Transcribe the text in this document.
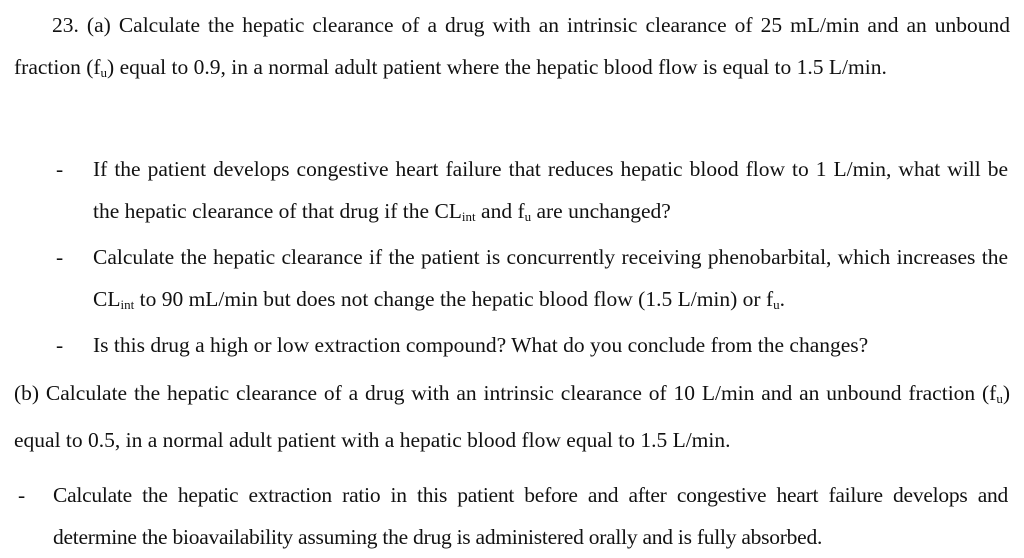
23. (a) Calculate the hepatic clearance of a drug with an intrinsic clearance of 25 mL/min and an unbound fraction $(f_u)$ equal to 0.9, in a normal adult patient where the hepatic blood flow is equal to 1.5 L/min.

- If the patient develops congestive heart failure that reduces hepatic blood flow to 1 L/min, what will be the hepatic clearance of that drug if the $CL_{int}$ and $f_u$ are unchanged?
- Calculate the hepatic clearance if the patient is concurrently receiving phenobarbital, which increases the $CL_{int}$ to 90 mL/min but does not change the hepatic blood flow (1.5 L/min) or $f_u$.
- Is this drug a high or low extraction compound? What do you conclude from the changes?

(b) Calculate the hepatic clearance of a drug with an intrinsic clearance of 10 L/min and an unbound fraction $(f_u)$ equal to 0.5, in a normal adult patient with a hepatic blood flow equal to 1.5 L/min.

- Calculate the hepatic extraction ratio in this patient before and after congestive heart failure develops and determine the bioavailability assuming the drug is administered orally and is fully absorbed.
